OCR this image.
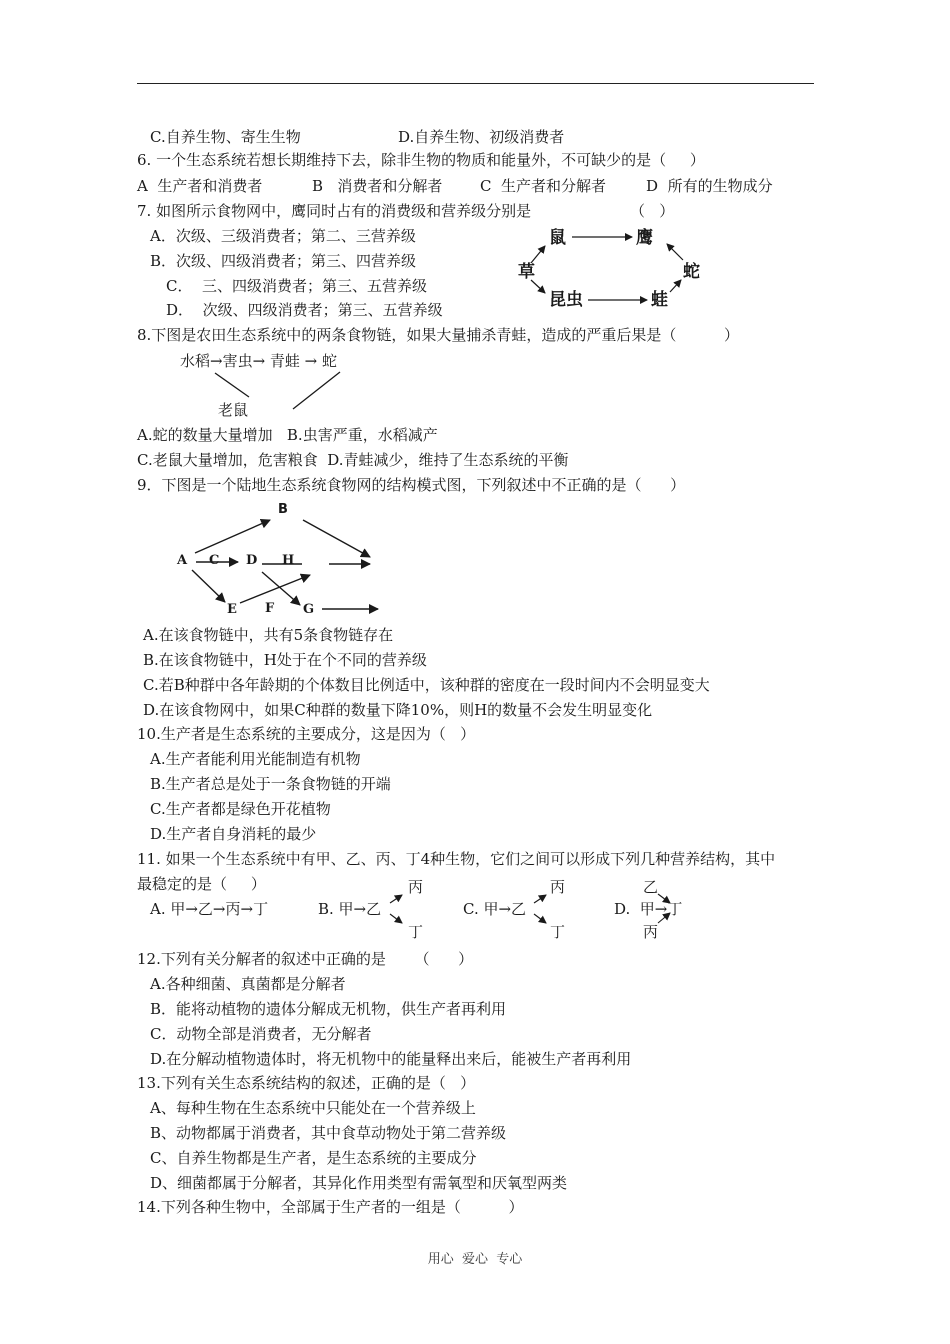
C.自养生物、寄生生物	D.自养生物、初级消费者
6. 一个生态系统若想长期维持下去，除非生物的物质和能量外，不可缺少的是（     ）
A  生产者和消费者	B   消费者和分解者	C  生产者和分解者	D  所有的生物成分
7. 如图所示食物网中，鹰同时占有的消费级和营养级分别是	（   ）
A．次级、三级消费者；第二、三营养级
B．次级、四级消费者；第三、四营养级
C．  三、四级消费者；第三、五营养级
D．  次级、四级消费者；第三、五营养级
鼠	鹰
草	蛇
昆虫	蛙
8.下图是农田生态系统中的两条食物链，如果大量捕杀青蛙，造成的严重后果是（          ）
水稻→害虫→ 青蛙 → 蛇
老鼠
A.蛇的数量大量增加   B.虫害严重，水稻减产
C.老鼠大量增加，危害粮食  D.青蛙减少，维持了生态系统的平衡
9．下图是一个陆地生态系统食物网的结构模式图，下列叙述中不正确的是（      ）
B
A C D H
E F G
A.在该食物链中，共有5条食物链存在
B.在该食物链中，H处于在个不同的营养级
C.若B种群中各年龄期的个体数目比例适中，该种群的密度在一段时间内不会明显变大
D.在该食物网中，如果C种群的数量下降10%，则H的数量不会发生明显变化
10.生产者是生态系统的主要成分，这是因为（   ）
A.生产者能利用光能制造有机物
B.生产者总是处于一条食物链的开端
C.生产者都是绿色开花植物
D.生产者自身消耗的最少
11. 如果一个生态系统中有甲、乙、丙、丁4种生物，它们之间可以形成下列几种营养结构，其中
最稳定的是（     ）
A. 甲→乙→丙→丁	B. 甲→乙
丙
丁
C. 甲→乙
丙
丁
D.  甲→丁
乙
丙
12.下列有关分解者的叙述中正确的是      （      ）
A.各种细菌、真菌都是分解者
B．能将动植物的遗体分解成无机物，供生产者再利用
C．动物全部是消费者，无分解者
D.在分解动植物遗体时，将无机物中的能量释出来后，能被生产者再利用
13.下列有关生态系统结构的叙述，正确的是（   ）
A、每种生物在生态系统中只能处在一个营养级上
B、动物都属于消费者，其中食草动物处于第二营养级
C、自养生物都是生产者，是生态系统的主要成分
D、细菌都属于分解者，其异化作用类型有需氧型和厌氧型两类
14.下列各种生物中，全部属于生产者的一组是（          ）
用心  爱心  专心
